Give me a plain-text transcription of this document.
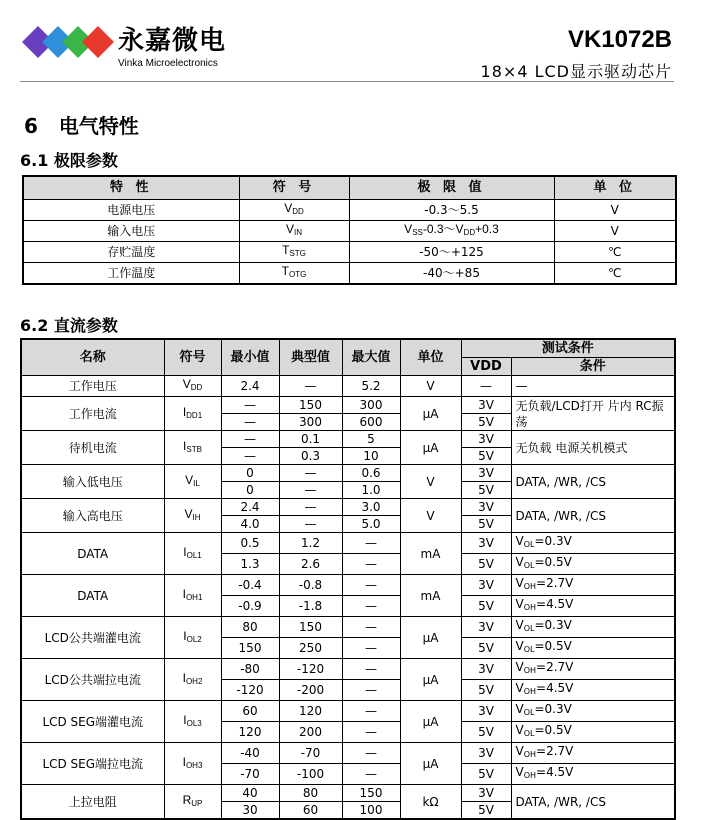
永嘉微电
Vinka Microelectronics
VK1072B
18×4 LCD显示驱动芯片
6 电气特性
6.1 极限参数
特 性	符 号	极 限 值	单 位
电源电压	$V_{DD}$	-0.3～5.5	V
输入电压	$V_{IN}$	$V_{SS}-0.3\sim V_{DD}+0.3$	V
存贮温度	$T_{STG}$	-50～+125	℃
工作温度	$T_{OTG}$	-40～+85	℃
6.2 直流参数
名称	符号	最小值	典型值	最大值	单位	测试条件	
						VDD	条件
工作电压	$V_{DD}$	2.4	—	5.2	V	—	—
工作电流	$I_{DD1}$	—	150	300	μA	3V	无负载/LCD打开 片内 RC振荡
		—	300	600		5V	
待机电流	$I_{STB}$	—	0.1	5	μA	3V	无负载 电源关机模式
		—	0.3	10		5V	
输入低电压	$V_{IL}$	0	—	0.6	V	3V	DATA, /WR, /CS
		0	—	1.0		5V	
输入高电压	$V_{IH}$	2.4	—	3.0	V	3V	DATA, /WR, /CS
		4.0	—	5.0		5V	
DATA	$I_{OL1}$	0.5	1.2	—	mA	3V	$V_{OL}=0.3V$
		1.3	2.6	—		5V	$V_{OL}=0.5V$
DATA	$I_{OH1}$	-0.4	-0.8	—	mA	3V	$V_{OH}=2.7V$
		-0.9	-1.8	—		5V	$V_{OH}=4.5V$
LCD公共端灌电流	$I_{OL2}$	80	150	—	μA	3V	$V_{OL}=0.3V$
		150	250	—		5V	$V_{OL}=0.5V$
LCD公共端拉电流	$I_{OH2}$	-80	-120	—	μA	3V	$V_{OH}=2.7V$
		-120	-200	—		5V	$V_{OH}=4.5V$
LCD SEG端灌电流	$I_{OL3}$	60	120	—	μA	3V	$V_{OL}=0.3V$
		120	200	—		5V	$V_{OL}=0.5V$
LCD SEG端拉电流	$I_{OH3}$	-40	-70	—	μA	3V	$V_{OH}=2.7V$
		-70	-100	—		5V	$V_{OH}=4.5V$
上拉电阻	$R_{UP}$	40	80	150	kΩ	3V	DATA, /WR, /CS
		30	60	100		5V	
